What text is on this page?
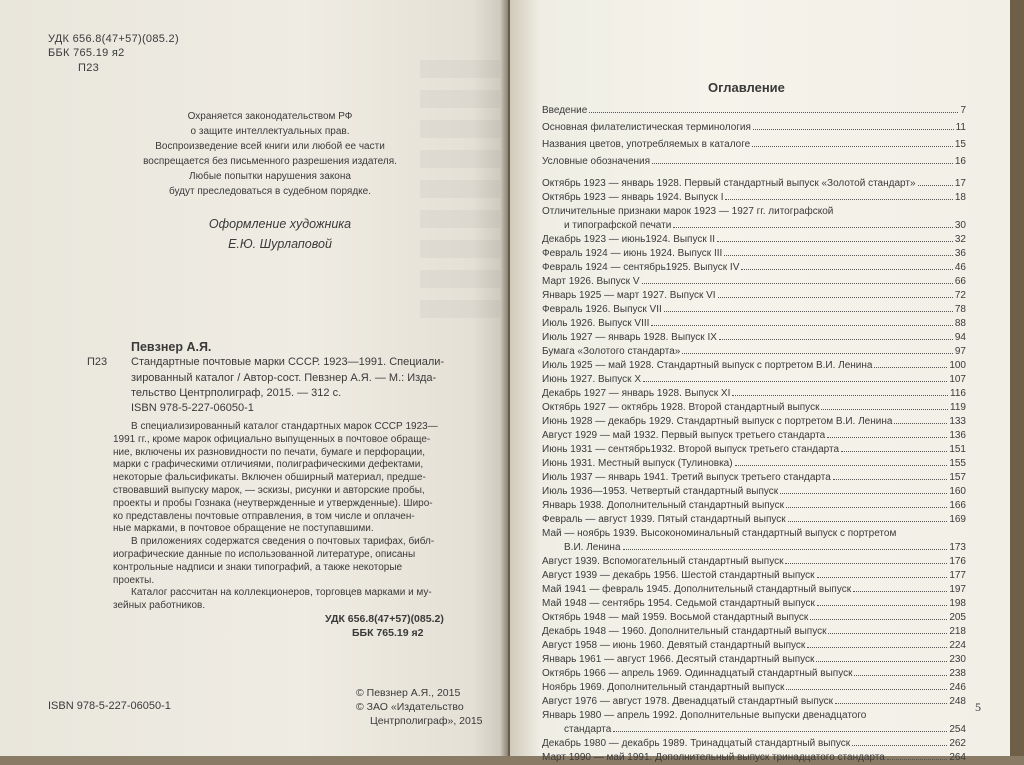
УДК 656.8(47+57)(085.2)

ББК 765.19 я2

П23

Охраняется законодательством РФ
о защите интеллектуальных прав.
Воспроизведение всей книги или любой ее части
воспрещается без письменного разрешения издателя.
Любые попытки нарушения закона
будут преследоваться в судебном порядке.

Оформление художника

Е.Ю. Шурлаповой

Певзнер А.Я.

П23 Стандартные почтовые марки СССР. 1923—1991. Специали-
зированный каталог / Автор-сост. Певзнер А.Я. — М.: Изда-
тельство Центрполиграф, 2015. — 312 с.

ISBN 978-5-227-06050-1

В специализированный каталог стандартных марок СССР 1923—
1991 гг., кроме марок официально выпущенных в почтовое обраще-
ние, включены их разновидности по печати, бумаге и перфорации,
марки с графическими отличиями, полиграфическими дефектами,
некоторые фальсификаты. Включен обширный материал, предше-
ствовавший выпуску марок, — эскизы, рисунки и авторские пробы,
проекты и пробы Гознака (неутвержденные и утвержденные). Широ-
ко представлены почтовые отправления, в том числе и оплачен-
ные марками, в почтовое обращение не поступавшими.
В приложениях содержатся сведения о почтовых тарифах, библ-
иографические данные по использованной литературе, описаны
контрольные надписи и знаки типографий, а также некоторые
проекты.
Каталог рассчитан на коллекционеров, торговцев марками и му-
зейных работников.

УДК 656.8(47+57)(085.2)

ББК 765.19 я2

ISBN 978-5-227-06050-1

© Певзнер А.Я., 2015

© ЗАО «Издательство

Центрполиграф», 2015

Оглавление

Введение	7
Основная филателистическая терминология	11
Названия цветов, употребляемых в каталоге	15
Условные обозначения	16
Октябрь 1923 — январь 1928. Первый стандартный выпуск «Золотой стандарт»	17
Октябрь 1923 — январь 1924. Выпуск I	18
Отличительные признаки марок 1923 — 1927 гг. литографской
и типографской печати	30
Декабрь 1923 — июнь1924. Выпуск II	32
Февраль 1924 — июнь 1924. Выпуск III	36
Февраль 1924 — сентябрь1925. Выпуск IV	46
Март 1926. Выпуск V	66
Январь 1925 — март 1927. Выпуск VI	72
Февраль 1926. Выпуск VII	78
Июль 1926. Выпуск VIII	88
Июль 1927 — январь 1928. Выпуск IX	94
Бумага «Золотого стандарта»	97
Июль 1925 — май 1928. Стандартный выпуск с портретом В.И. Ленина	100
Июнь 1927. Выпуск X	107
Декабрь 1927 — январь 1928. Выпуск XI	116
Октябрь 1927 — октябрь 1928. Второй стандартный выпуск	119
Июнь 1928 — декабрь 1929. Стандартный выпуск с портретом В.И. Ленина	133
Август 1929 — май 1932. Первый выпуск третьего стандарта	136
Июнь 1931 — сентябрь1932. Второй выпуск третьего стандарта	151
Июнь 1931. Местный выпуск (Тулиновка)	155
Июль 1937 — январь 1941. Третий выпуск третьего стандарта	157
Июль 1936—1953. Четвертый стандартный выпуск	160
Январь 1938. Дополнительный стандартный выпуск	166
Февраль — август 1939. Пятый стандартный выпуск	169
Май — ноябрь 1939. Высокономинальный стандартный выпуск с портретом
В.И. Ленина	173
Август 1939. Вспомогательный стандартный выпуск	176
Август 1939 — декабрь 1956. Шестой стандартный выпуск	177
Май 1941 — февраль 1945. Дополнительный стандартный выпуск	197
Май 1948 — сентябрь 1954. Седьмой стандартный выпуск	198
Октябрь 1948 — май 1959. Восьмой стандартный выпуск	205
Декабрь 1948 — 1960. Дополнительный стандартный выпуск	218
Август 1958 — июнь 1960. Девятый стандартный выпуск	224
Январь 1961 — август 1966. Десятый стандартный выпуск	230
Октябрь 1966 — апрель 1969. Одиннадцатый стандартный выпуск	238
Ноябрь 1969. Дополнительный стандартный выпуск	246
Август 1976 — август 1978. Двенадцатый стандартный выпуск	248
Январь 1980 — апрель 1992. Дополнительные выпуски двенадцатого
стандарта	254
Декабрь 1980 — декабрь 1989. Тринадцатый стандартный выпуск	262
Март 1990 — май 1991. Дополнительный выпуск тринадцатого стандарта	264

5
